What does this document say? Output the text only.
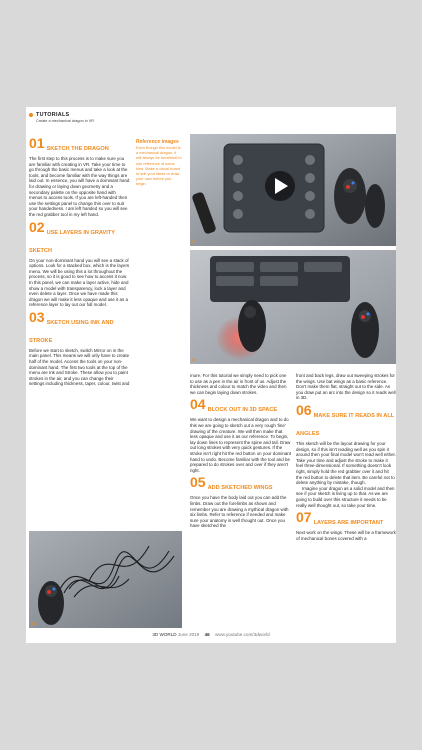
TUTORIALS
Create a mechanical dragon in VR
01 SKETCH THE DRAGON

The first step to this process is to make sure you are familiar with creating in VR. Take your time to go through the basic menus and take a look at the tools, and become familiar with the way things are laid out. In essence, you will have a dominant hand for drawing or laying down geometry and a secondary palette on the opposite hand with menus to access tools. If you are left-handed then use the settings panel to change this over to suit your handedness. I am left handed so you will see the red grabber tool in my left hand.

02 USE LAYERS IN GRAVITY SKETCH

On your non-dominant hand you will see a stack of options. Look for a stacked box, which is the layers menu. We will be using this a lot throughout the process, so it is good to see how to access it now. In this panel, we can make a layer active, hide and show a model with transparency, lock a layer and even delete a layer. Once we have made this dragon we will make it less opaque and use it as a reference layer to lay out our full model.

03 SKETCH USING INK AND STROKE

Before we start to sketch, switch Mirror on in the main panel. This means we will only have to create half of the model. Access the tools on your non-dominant hand. The first two tools at the top of the menu are Ink and Stroke. These allow you to paint strokes in the air, and you can change their settings including thickness, taper, colour, twist and

Reference images

Even though this model is a mechanical dragon, it will always be beneficial to use reference of some kind. Make a visual board to suit your ideas or draw your own before you begin.

01
02

more. For this tutorial we simply need to pick one to use as a pen in the air in front of us. Adjust the thickness and colour to match the video and then we can begin laying down strokes.

04 BLOCK OUT IN 3D SPACE

We want to design a mechanical dragon and to do this we are going to sketch out a very rough 'line' drawing of the creature. We will then make that less opaque and use it as our reference. To begin, lay down lines to represent the spine and tail. Draw out long strokes with very quick gestures. If the stroke isn't right hit the red button on your dominant hand to undo. Become familiar with the tool and be prepared to do strokes over and over if they aren't right.

05 ADD SKETCHED WINGS

Once you have the body laid out you can add the limbs. Draw out the forelimbs as shown and remember you are drawing a mythical dragon with six limbs. Refer to reference if needed and make sure your anatomy is well thought out. Once you have sketched the

front and back legs, draw out sweeping strokes for the wings. Use bat wings as a basic reference. Don't make them flat, straight out to the side. As you draw put an arc into the design so it reads well in 3D.

06 MAKE SURE IT READS IN ALL ANGLES

This sketch will be the layout drawing for your design, so if this isn't reading well as you spin it around then your final model won't read well either. Take your time and adjust the stroke to make it feel three-dimensional. If something doesn't look right, simply hold the red grabber over it and hit the red button to delete that item. Be careful not to delete anything by mistake, though.

Imagine your dragon as a solid model and then see if your sketch is living up to that. As we are going to build over this structure it needs to be really well thought out, so take your time.

07 LAYERS ARE IMPORTANT

Next work on the wings. These will be a framework of mechanical bones covered with a

03
3D WORLD June 2019 46 www.youtube.com/3dworld
